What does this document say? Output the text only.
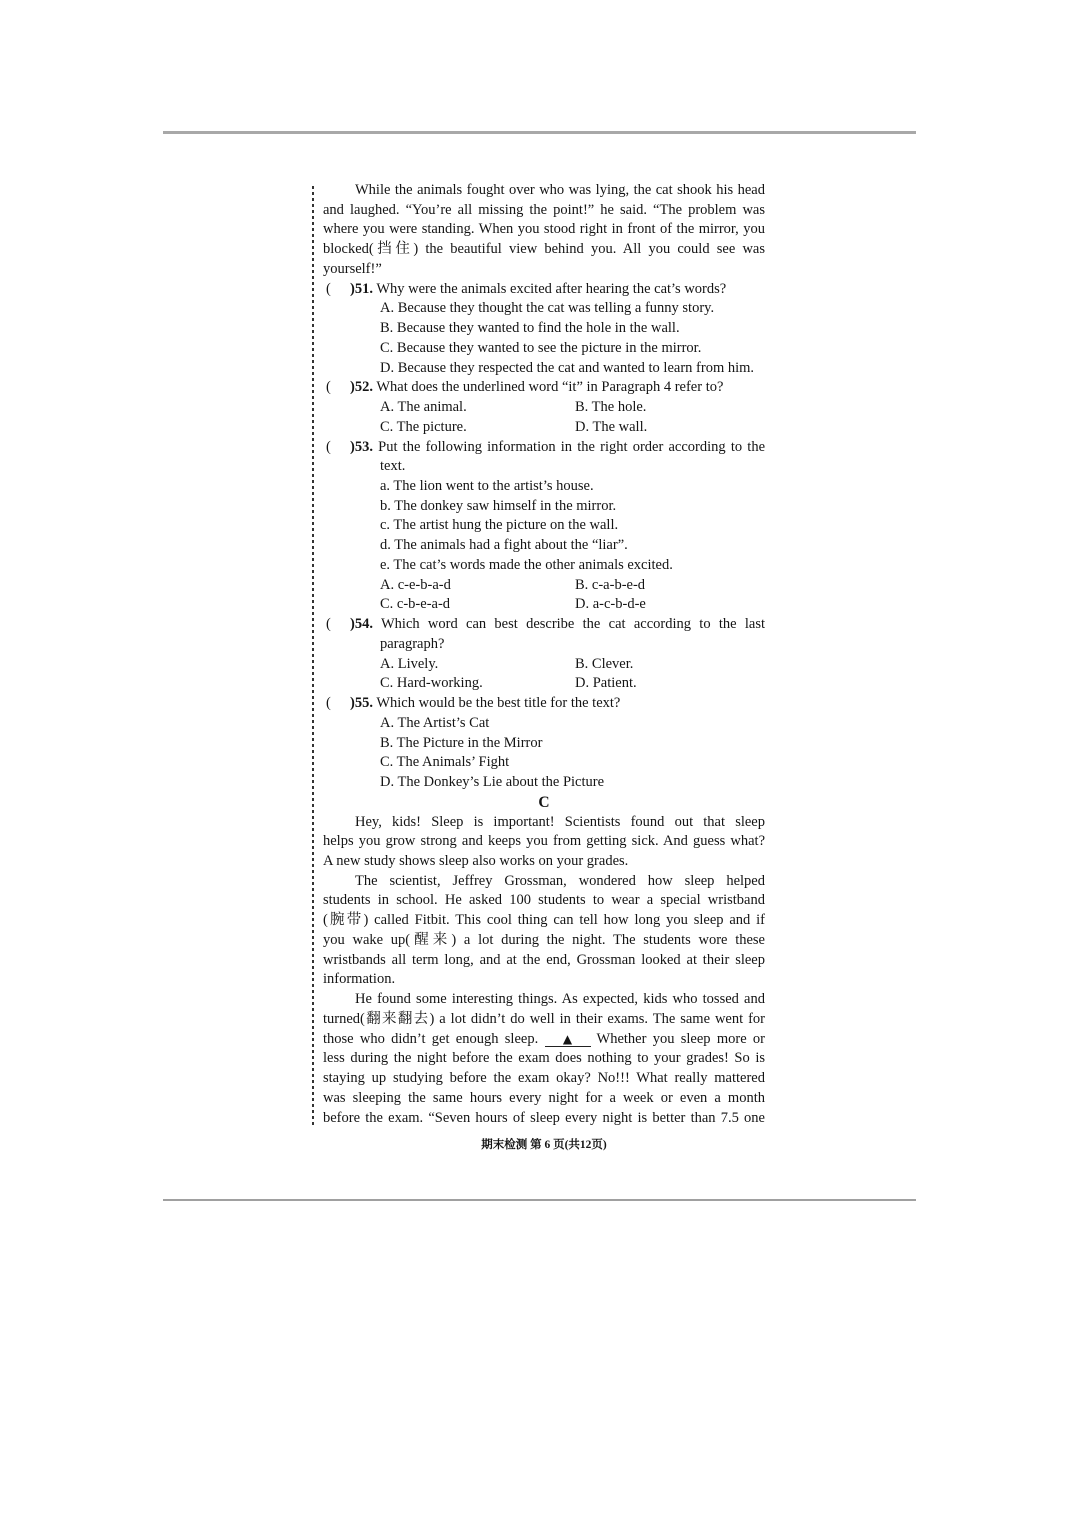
While the animals fought over who was lying, the cat shook his head
and laughed. “You’re all missing the point!” he said. “The problem was
where you were standing. When you stood right in front of the mirror, you
blocked(挡住) the beautiful view behind you. All you could see was
yourself!”
(	)51. Why were the animals excited after hearing the cat’s words?
A. Because they thought the cat was telling a funny story.
B. Because they wanted to find the hole in the wall.
C. Because they wanted to see the picture in the mirror.
D. Because they respected the cat and wanted to learn from him.
(	)52. What does the underlined word “it” in Paragraph 4 refer to?
A. The animal.	B. The hole.
C. The picture.	D. The wall.
(	)53. Put the following information in the right order according to the
text.
a. The lion went to the artist’s house.
b. The donkey saw himself in the mirror.
c. The artist hung the picture on the wall.
d. The animals had a fight about the “liar”.
e. The cat’s words made the other animals excited.
A. c-e-b-a-d	B. c-a-b-e-d
C. c-b-e-a-d	D. a-c-b-d-e
(	)54. Which word can best describe the cat according to the last
paragraph?
A. Lively.	B. Clever.
C. Hard-working.	D. Patient.
(	)55. Which would be the best title for the text?
A. The Artist’s Cat
B. The Picture in the Mirror
C. The Animals’ Fight
D. The Donkey’s Lie about the Picture
C
Hey, kids! Sleep is important! Scientists found out that sleep
helps you grow strong and keeps you from getting sick. And guess what?
A new study shows sleep also works on your grades.
The scientist, Jeffrey Grossman, wondered how sleep helped
students in school. He asked 100 students to wear a special wristband
(腕带) called Fitbit. This cool thing can tell how long you sleep and if
you wake up(醒来) a lot during the night. The students wore these
wristbands all term long, and at the end, Grossman looked at their sleep
information.
He found some interesting things. As expected, kids who tossed and
turned(翻来翻去) a lot didn’t do well in their exams. The same went for
those who didn’t get enough sleep. ▲ Whether you sleep more or
less during the night before the exam does nothing to your grades! So is
staying up studying before the exam okay? No!!! What really mattered
was sleeping the same hours every night for a week or even a month
before the exam. “Seven hours of sleep every night is better than 7.5 one
期末检测 第 6 页(共12页)
